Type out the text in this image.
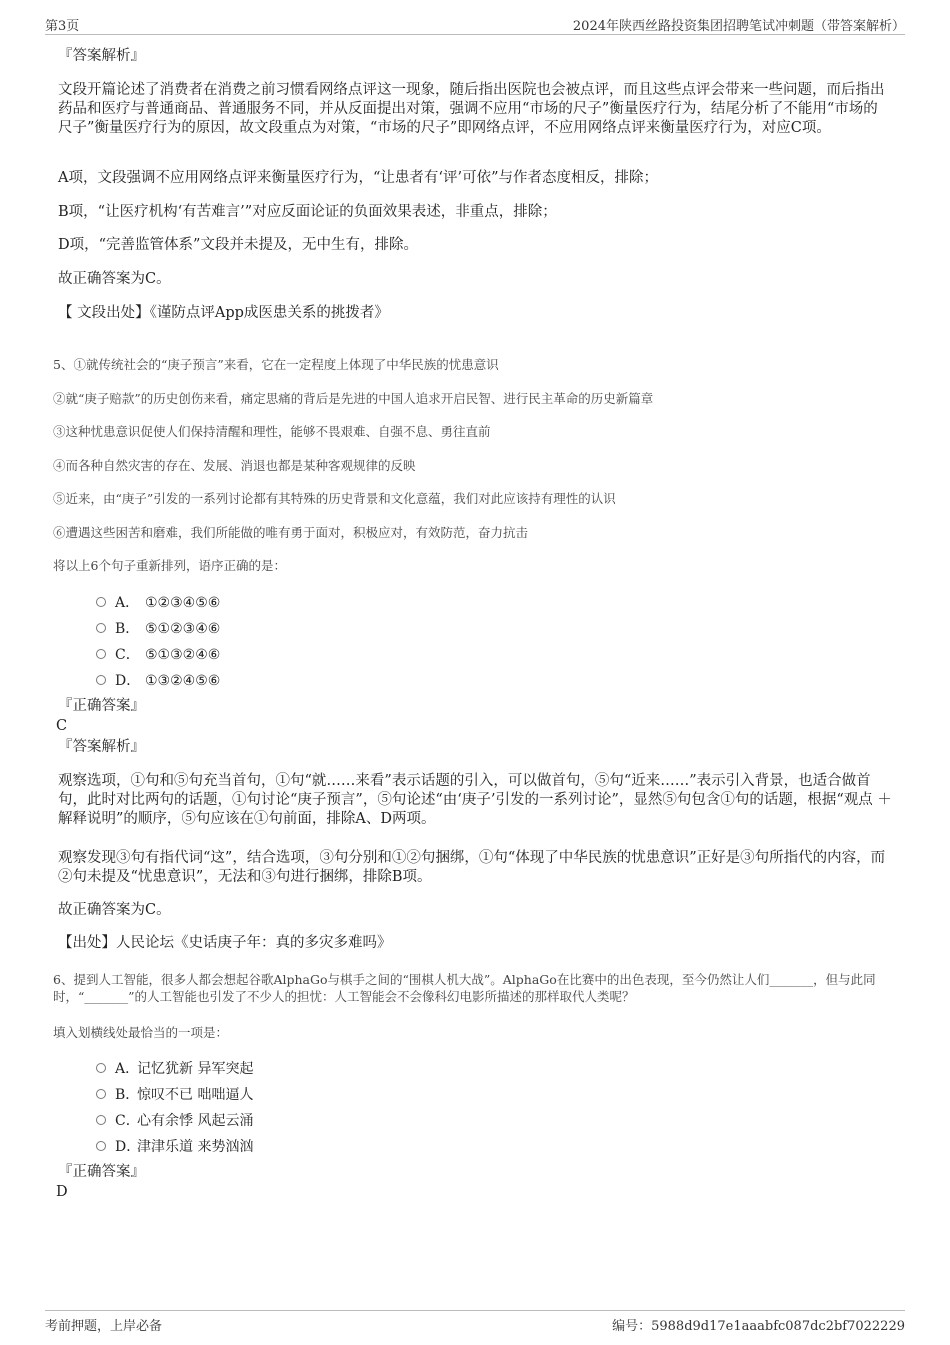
第3页	2024年陕西丝路投资集团招聘笔试冲刺题（带答案解析）

『答案解析』

文段开篇论述了消费者在消费之前习惯看网络点评这一现象，随后指出医院也会被点评，而且这些点评会带来一些问题，而后指出药品和医疗与普通商品、普通服务不同，并从反面提出对策，强调不应用“市场的尺子”衡量医疗行为，结尾分析了不能用“市场的尺子”衡量医疗行为的原因，故文段重点为对策，“市场的尺子”即网络点评，不应用网络点评来衡量医疗行为，对应C项。

A项，文段强调不应用网络点评来衡量医疗行为，“让患者有‘评’可依”与作者态度相反，排除；

B项，“让医疗机构‘有苦难言’”对应反面论证的负面效果表述，非重点，排除；

D项，“完善监管体系”文段并未提及，无中生有，排除。

故正确答案为C。

【 文段出处】《谨防点评App成医患关系的挑拨者》

5、①就传统社会的“庚子预言”来看，它在一定程度上体现了中华民族的忧患意识

②就“庚子赔款”的历史创伤来看，痛定思痛的背后是先进的中国人追求开启民智、进行民主革命的历史新篇章

③这种忧患意识促使人们保持清醒和理性，能够不畏艰难、自强不息、勇往直前

④而各种自然灾害的存在、发展、消退也都是某种客观规律的反映

⑤近来，由“庚子”引发的一系列讨论都有其特殊的历史背景和文化意蕴，我们对此应该持有理性的认识

⑥遭遇这些困苦和磨难，我们所能做的唯有勇于面对，积极应对，有效防范，奋力抗击

将以上6个句子重新排列，语序正确的是：

A． ①②③④⑤⑥
B． ⑤①②③④⑥
C． ⑤①③②④⑥
D． ①③②④⑤⑥

『正确答案』

C

『答案解析』

观察选项，①句和⑤句充当首句，①句“就……来看”表示话题的引入，可以做首句，⑤句“近来……”表示引入背景，也适合做首句，此时对比两句的话题，①句讨论“庚子预言”，⑤句论述“由‘庚子’引发的一系列讨论”，显然⑤句包含①句的话题，根据“观点 ＋ 解释说明”的顺序，⑤句应该在①句前面，排除A、D两项。

观察发现③句有指代词“这”，结合选项，③句分别和①②句捆绑，①句“体现了中华民族的忧患意识”正好是③句所指代的内容，而②句未提及“忧患意识”，无法和③句进行捆绑，排除B项。

故正确答案为C。

【出处】人民论坛《史话庚子年：真的多灾多难吗》

6、提到人工智能，很多人都会想起谷歌AlphaGo与棋手之间的“围棋人机大战”。AlphaGo在比赛中的出色表现，至今仍然让人们_______，但与此同时，“_______”的人工智能也引发了不少人的担忧：人工智能会不会像科幻电影所描述的那样取代人类呢？

填入划横线处最恰当的一项是：

A．记忆犹新 异军突起
B．惊叹不已 咄咄逼人
C．心有余悸 风起云涌
D．津津乐道 来势汹汹

『正确答案』

D

考前押题，上岸必备	编号：5988d9d17e1aaabfc087dc2bf7022229
